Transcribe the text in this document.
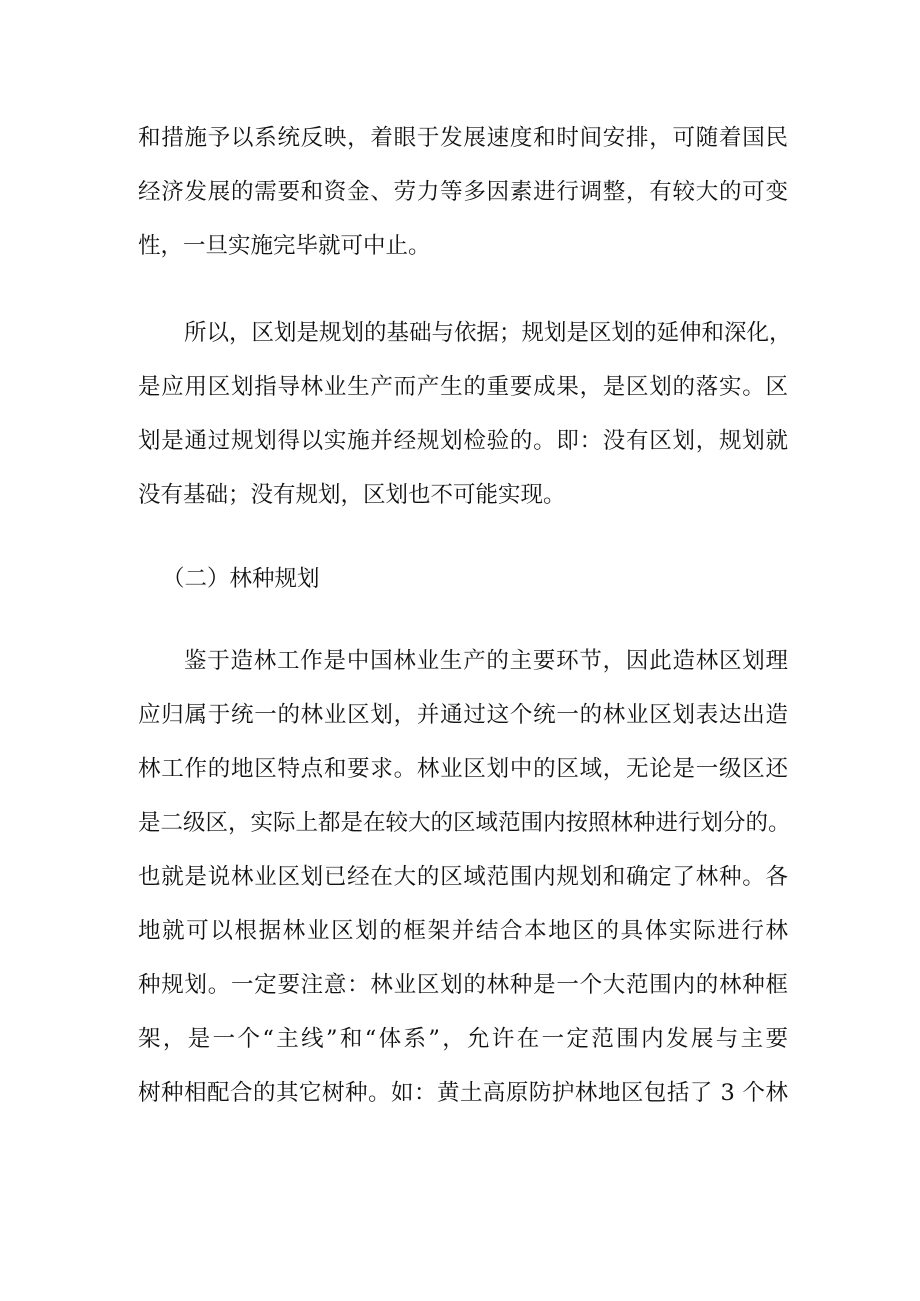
和措施予以系统反映，着眼于发展速度和时间安排，可随着国民
经济发展的需要和资金、劳力等多因素进行调整，有较大的可变
性，一旦实施完毕就可中止。
所以，区划是规划的基础与依据；规划是区划的延伸和深化，
是应用区划指导林业生产而产生的重要成果，是区划的落实。区
划是通过规划得以实施并经规划检验的。即：没有区划，规划就
没有基础；没有规划，区划也不可能实现。
（二）林种规划
鉴于造林工作是中国林业生产的主要环节，因此造林区划理
应归属于统一的林业区划，并通过这个统一的林业区划表达出造
林工作的地区特点和要求。林业区划中的区域，无论是一级区还
是二级区，实际上都是在较大的区域范围内按照林种进行划分的。
也就是说林业区划已经在大的区域范围内规划和确定了林种。各
地就可以根据林业区划的框架并结合本地区的具体实际进行林
种规划。一定要注意：林业区划的林种是一个大范围内的林种框
架，是一个“主线”和“体系”，允许在一定范围内发展与主要
树种相配合的其它树种。如：黄土高原防护林地区包括了 3 个林
